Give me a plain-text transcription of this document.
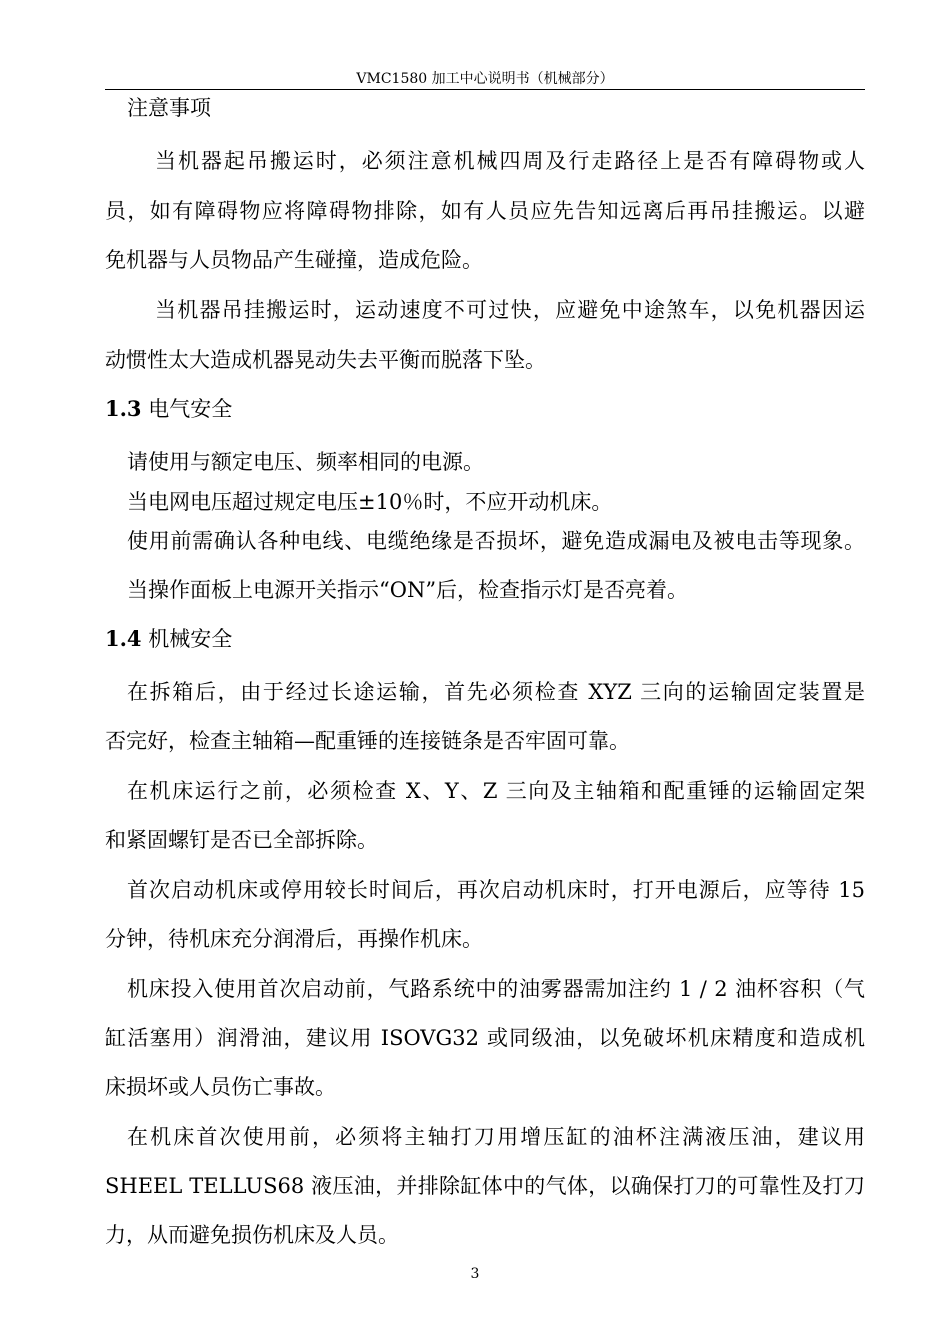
VMC1580 加工中心说明书（机械部分）
注意事项
当机器起吊搬运时，必须注意机械四周及行走路径上是否有障碍物或人
员，如有障碍物应将障碍物排除，如有人员应先告知远离后再吊挂搬运。以避
免机器与人员物品产生碰撞，造成危险。
当机器吊挂搬运时，运动速度不可过快，应避免中途煞车，以免机器因运
动惯性太大造成机器晃动失去平衡而脱落下坠。
1.3 电气安全
请使用与额定电压、频率相同的电源。
当电网电压超过规定电压±10％时，不应开动机床。
使用前需确认各种电线、电缆绝缘是否损坏，避免造成漏电及被电击等现象。
当操作面板上电源开关指示“ON”后，检查指示灯是否亮着。
1.4 机械安全
在拆箱后，由于经过长途运输，首先必须检查 XYZ 三向的运输固定装置是
否完好，检查主轴箱—配重锤的连接链条是否牢固可靠。
在机床运行之前，必须检查 X、Y、Z 三向及主轴箱和配重锤的运输固定架
和紧固螺钉是否已全部拆除。
首次启动机床或停用较长时间后，再次启动机床时，打开电源后，应等待 15
分钟，待机床充分润滑后，再操作机床。
机床投入使用首次启动前，气路系统中的油雾器需加注约 1 / 2 油杯容积（气
缸活塞用）润滑油，建议用 ISOVG32 或同级油，以免破坏机床精度和造成机
床损坏或人员伤亡事故。
在机床首次使用前，必须将主轴打刀用增压缸的油杯注满液压油，建议用
SHEEL TELLUS68 液压油，并排除缸体中的气体，以确保打刀的可靠性及打刀
力，从而避免损伤机床及人员。
3
